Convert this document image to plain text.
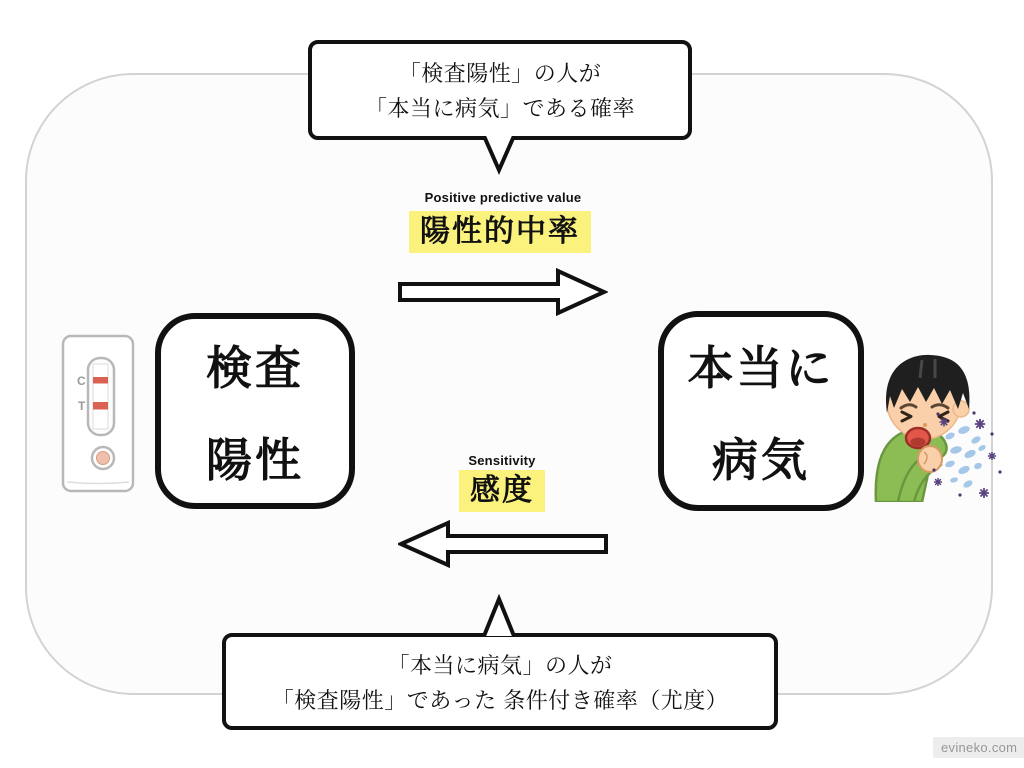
「検査陽性」の人が
「本当に病気」である確率
Positive predictive value
陽性的中率
検査
陽性
本当に
病気
C
T
Sensitivity
感度
「本当に病気」の人が
「検査陽性」であった 条件付き確率（尤度）
evineko.com
